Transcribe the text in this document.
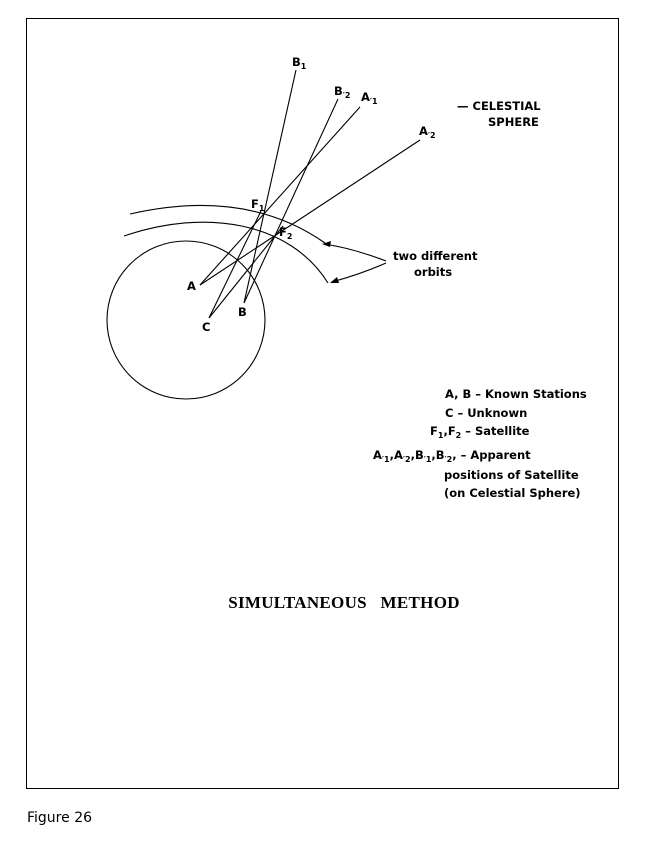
$B_1$
$B_{'2}$ $A_{'1}$
$A_{'2}$
— CELESTIAL
SPHERE
$F_1$
$F_2$
two different
orbits
A
B
C
A, B – Known Stations
C – Unknown
$F_1,F_2$ – Satellite
$A_{'1},A_{'2},B_{'1},B_{'2}$, – Apparent
positions of Satellite
(on Celestial Sphere)
SIMULTANEOUS   METHOD
Figure 26
